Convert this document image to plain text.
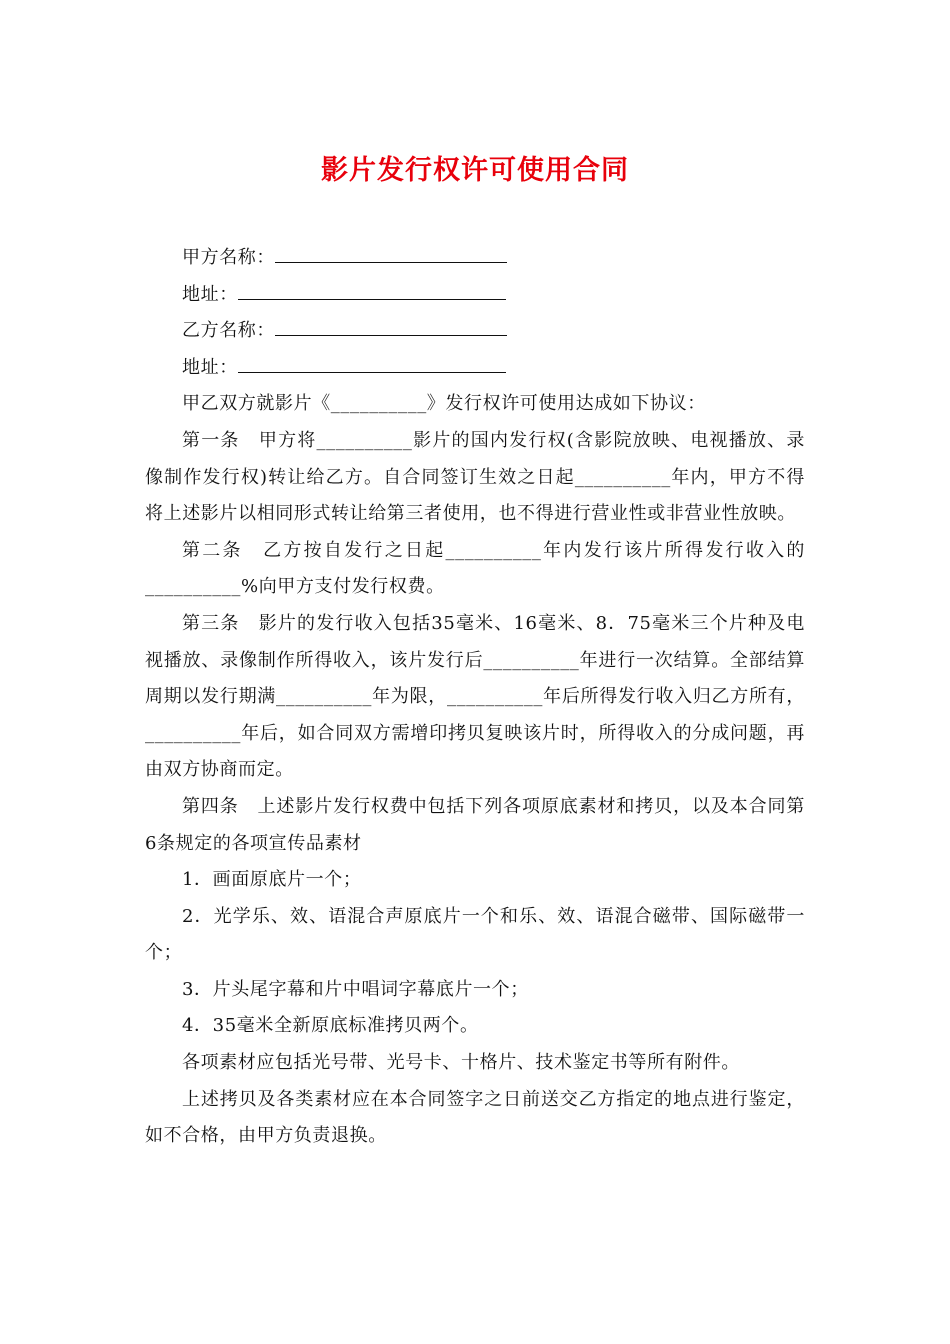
影片发行权许可使用合同

甲方名称：

地址：

乙方名称：

地址：

甲乙双方就影片《__________》发行权许可使用达成如下协议：

第一条　甲方将__________影片的国内发行权(含影院放映、电视播放、录像制作发行权)转让给乙方。自合同签订生效之日起__________年内，甲方不得将上述影片以相同形式转让给第三者使用，也不得进行营业性或非营业性放映。

第二条　乙方按自发行之日起__________年内发行该片所得发行收入的__________%向甲方支付发行权费。

第三条　影片的发行收入包括35毫米、16毫米、8．75毫米三个片种及电视播放、录像制作所得收入，该片发行后__________年进行一次结算。全部结算周期以发行期满__________年为限，__________年后所得发行收入归乙方所有，__________年后，如合同双方需增印拷贝复映该片时，所得收入的分成问题，再由双方协商而定。

第四条　上述影片发行权费中包括下列各项原底素材和拷贝，以及本合同第6条规定的各项宣传品素材

1．画面原底片一个；

2．光学乐、效、语混合声原底片一个和乐、效、语混合磁带、国际磁带一个；

3．片头尾字幕和片中唱词字幕底片一个；

4．35毫米全新原底标准拷贝两个。

各项素材应包括光号带、光号卡、十格片、技术鉴定书等所有附件。

上述拷贝及各类素材应在本合同签字之日前送交乙方指定的地点进行鉴定，如不合格，由甲方负责退换。
